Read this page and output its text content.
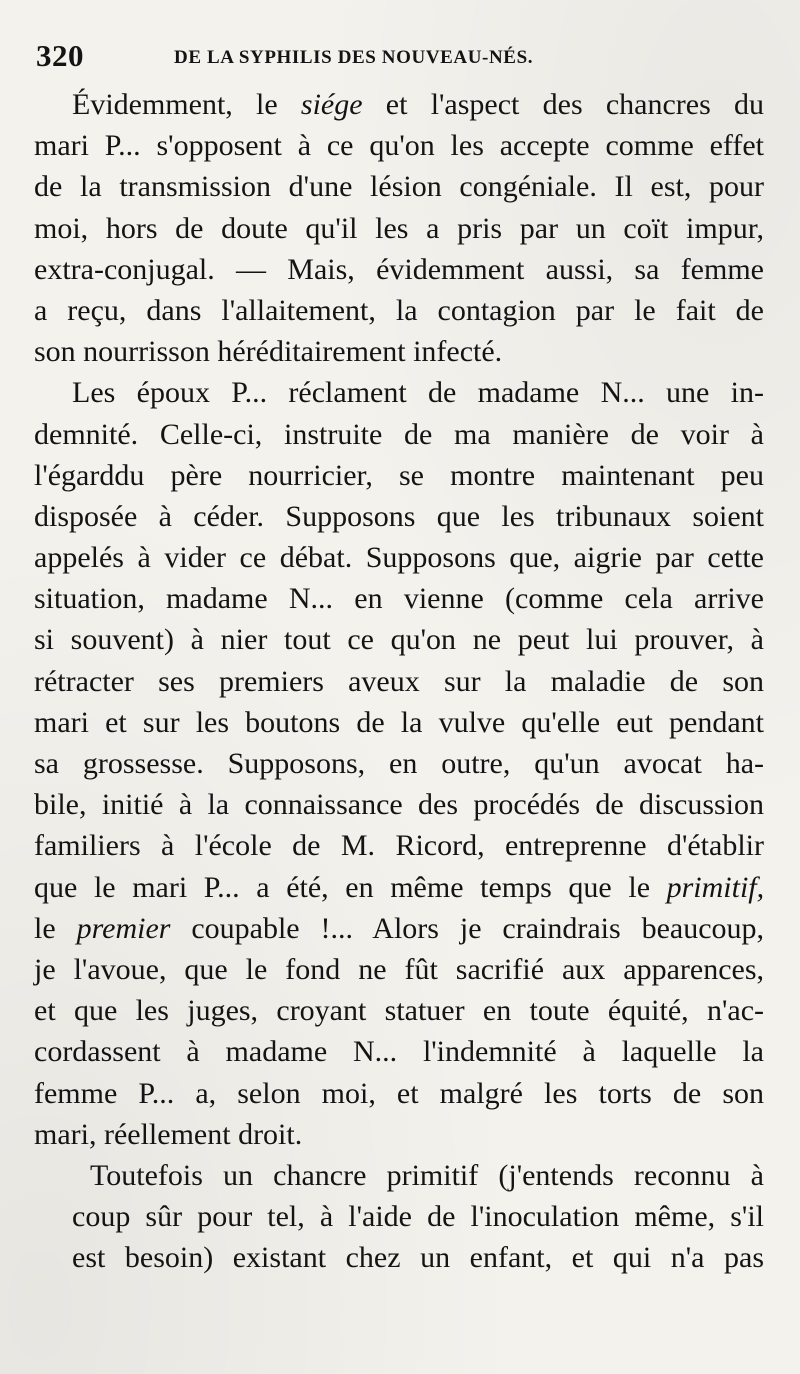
320	DE LA SYPHILIS DES NOUVEAU-NÉS.
Évidemment, le siége et l'aspect des chancres du
mari P... s'opposent à ce qu'on les accepte comme effet
de la transmission d'une lésion congéniale. Il est, pour
moi, hors de doute qu'il les a pris par un coït impur,
extra-conjugal. — Mais, évidemment aussi, sa femme
a reçu, dans l'allaitement, la contagion par le fait de
son nourrisson héréditairement infecté.
Les époux P... réclament de madame N... une in-
demnité. Celle-ci, instruite de ma manière de voir à
l'égarddu père nourricier, se montre maintenant peu
disposée à céder. Supposons que les tribunaux soient
appelés à vider ce débat. Supposons que, aigrie par cette
situation, madame N... en vienne (comme cela arrive
si souvent) à nier tout ce qu'on ne peut lui prouver, à
rétracter ses premiers aveux sur la maladie de son
mari et sur les boutons de la vulve qu'elle eut pendant
sa grossesse. Supposons, en outre, qu'un avocat ha-
bile, initié à la connaissance des procédés de discussion
familiers à l'école de M. Ricord, entreprenne d'établir
que le mari P... a été, en même temps que le primitif,
le premier coupable !... Alors je craindrais beaucoup,
je l'avoue, que le fond ne fût sacrifié aux apparences,
et que les juges, croyant statuer en toute équité, n'ac-
cordassent à madame N... l'indemnité à laquelle la
femme P... a, selon moi, et malgré les torts de son
mari, réellement droit.
Toutefois un chancre primitif (j'entends reconnu à
coup sûr pour tel, à l'aide de l'inoculation même, s'il
est besoin) existant chez un enfant, et qui n'a pas
